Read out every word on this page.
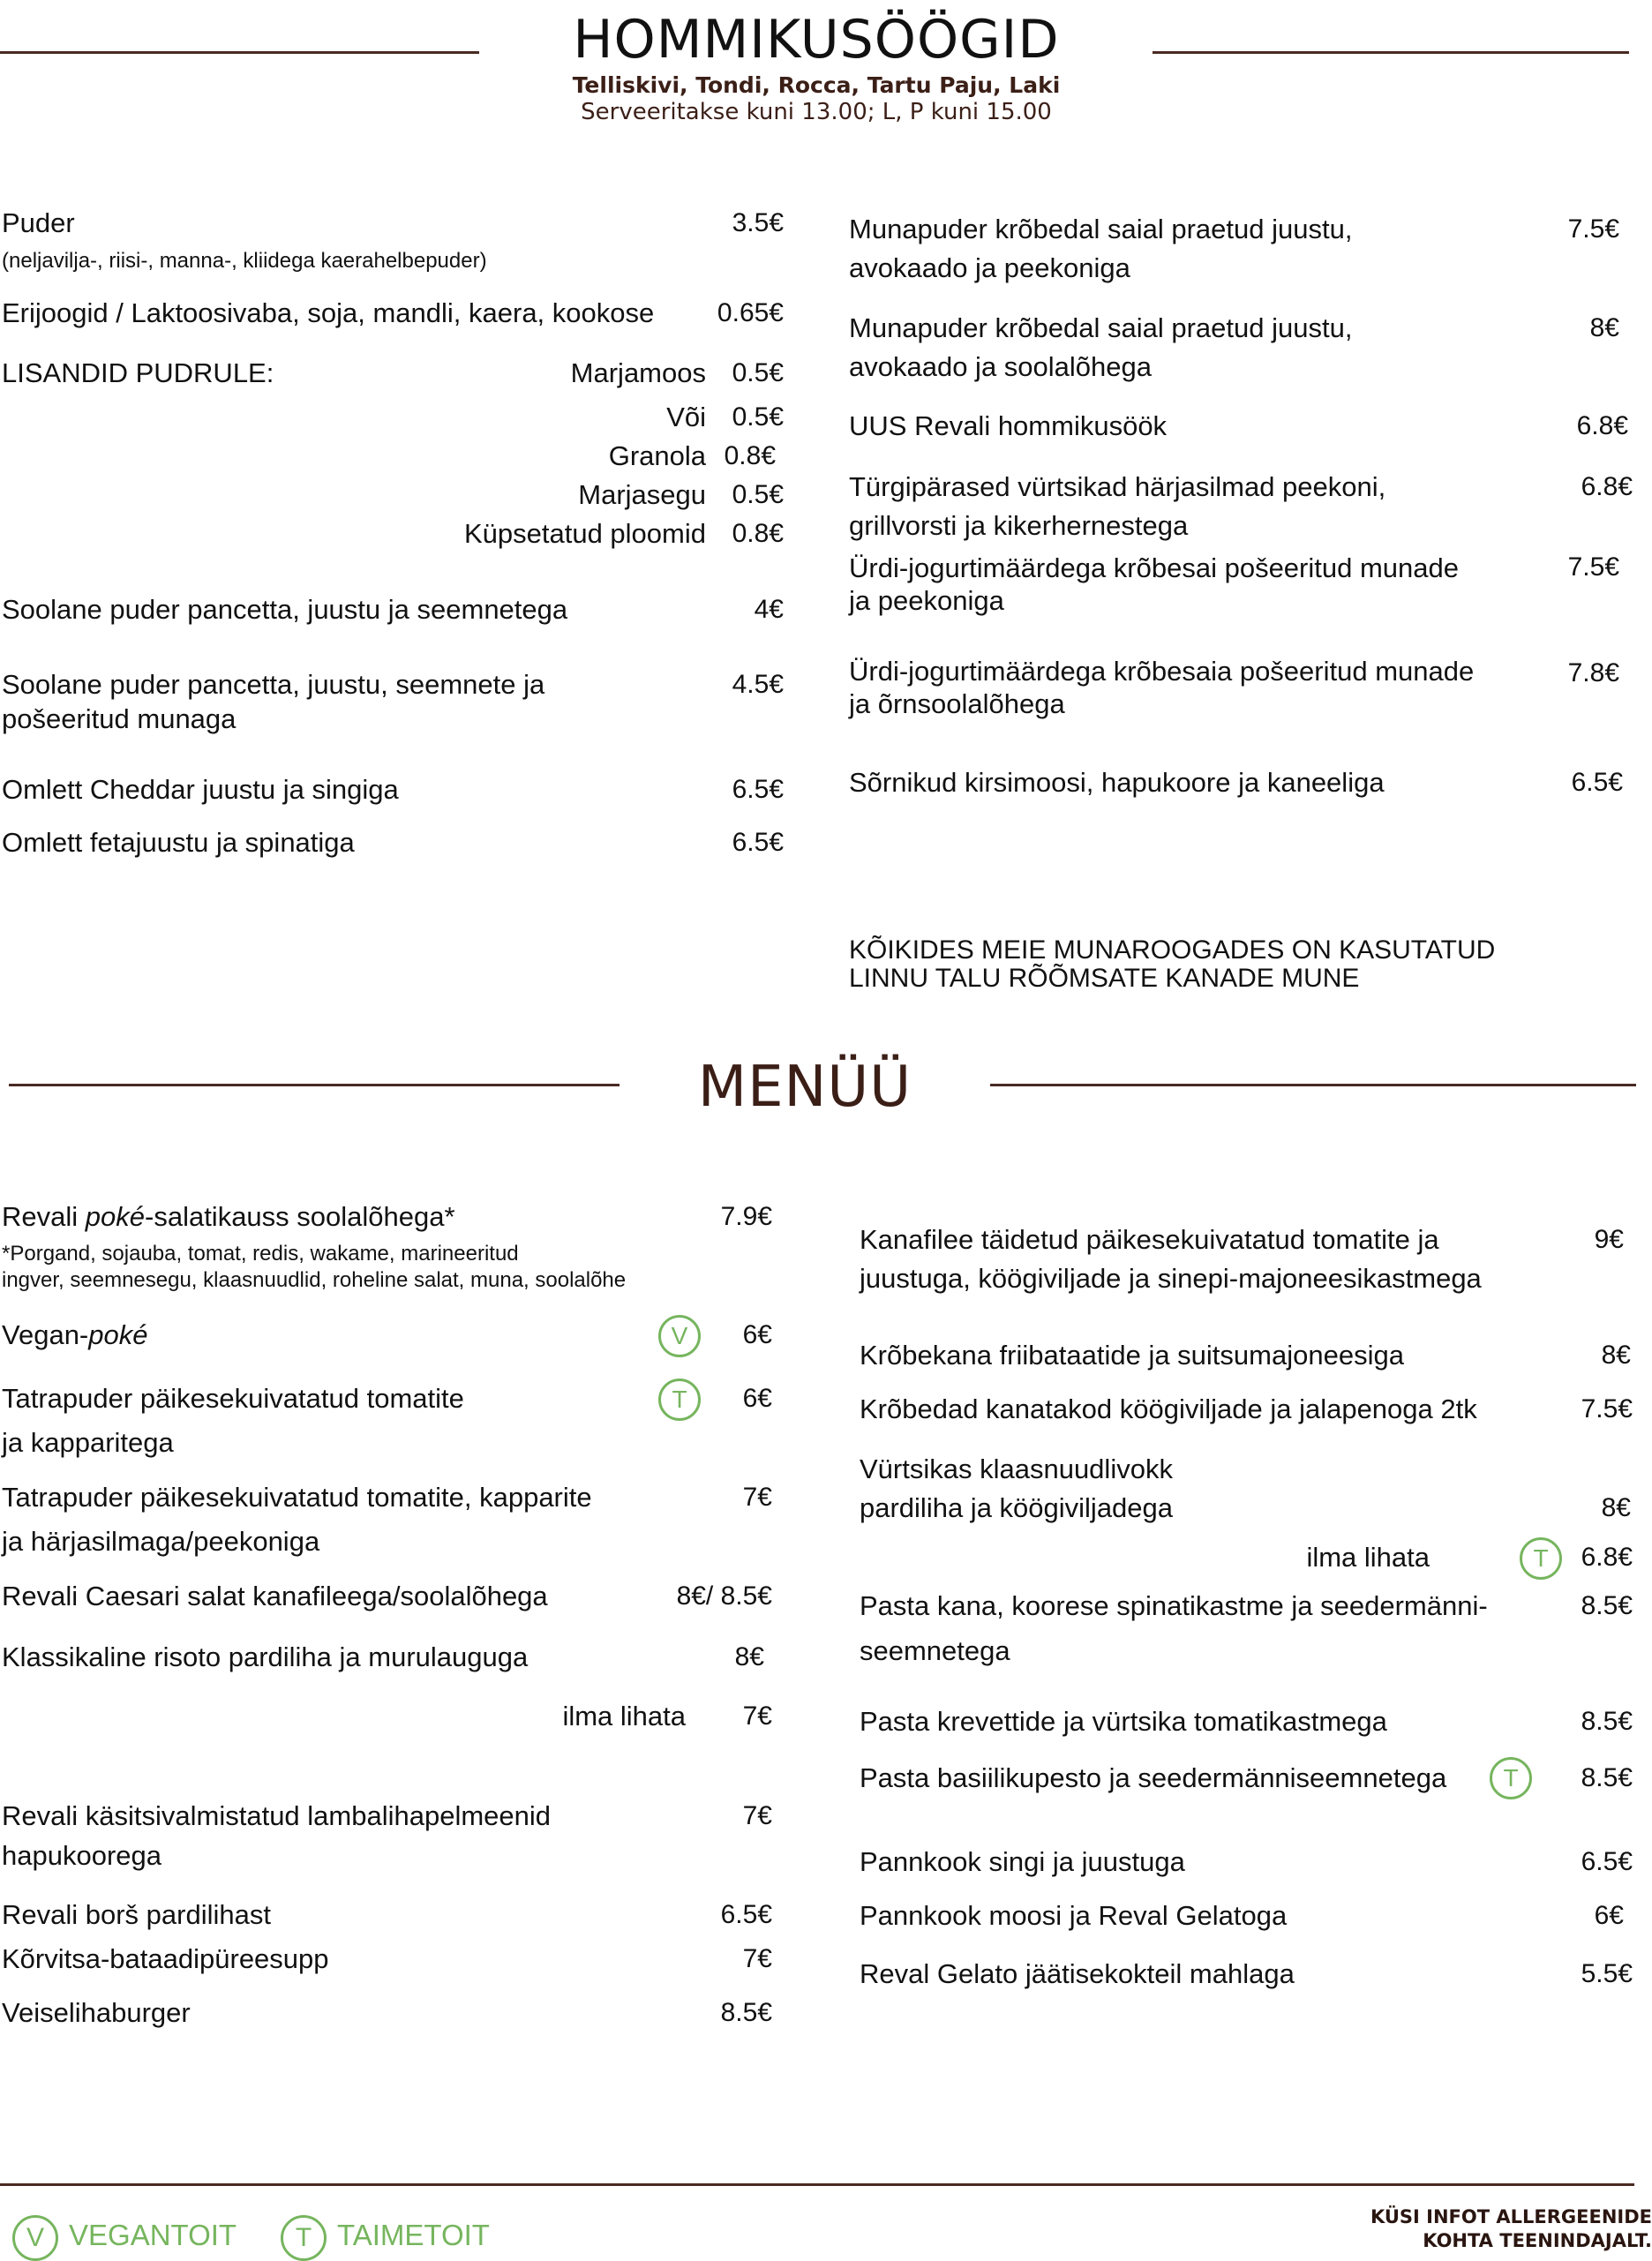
HOMMIKUSÖÖGID
Telliskivi, Tondi, Rocca, Tartu Paju, Laki
Serveeritakse kuni 13.00; L, P kuni 15.00
Puder	3.5€
(neljavilja-, riisi-, manna-, kliidega kaerahelbepuder)
Erijoogid / Laktoosivaba, soja, mandli, kaera, kookose 0.65€
LISANDID PUDRULE:	Marjamoos 0.5€
Või 0.5€
Granola 0.8€
Marjasegu 0.5€
Küpsetatud ploomid 0.8€
Soolane puder pancetta, juustu ja seemnetega	4€
Soolane puder pancetta, juustu, seemnete ja
pošeeritud munaga
4.5€
Omlett Cheddar juustu ja singiga	6.5€
Omlett fetajuustu ja spinatiga	6.5€
Munapuder krõbedal saial praetud juustu,
avokaado ja peekoniga
7.5€
Munapuder krõbedal saial praetud juustu,
avokaado ja soolalõhega
8€
UUS Revali hommikusöök	6.8€
Türgipärased vürtsikad härjasilmad peekoni,
grillvorsti ja kikerhernestega
6.8€
Ürdi-jogurtimäärdega krõbesai pošeeritud munade
ja peekoniga
7.5€
Ürdi-jogurtimäärdega krõbesaia pošeeritud munade
ja õrnsoolalõhega
7.8€
Sõrnikud kirsimoosi, hapukoore ja kaneeliga	6.5€
KÕIKIDES MEIE MUNAROOGADES ON KASUTATUD
LINNU TALU RÕÕMSATE KANADE MUNE
MENÜÜ
Revali poké-salatikauss soolalõhega*	7.9€
*Porgand, sojauba, tomat, redis, wakame, marineeritud
ingver, seemnesegu, klaasnuudlid, roheline salat, muna, soolalõhe
Vegan-poké	V	6€
Tatrapuder päikesekuivatatud tomatite
ja kapparitega
T	6€
Tatrapuder päikesekuivatatud tomatite, kapparite
ja härjasilmaga/peekoniga
7€
Revali Caesari salat kanafileega/soolalõhega	8€/ 8.5€
Klassikaline risoto pardiliha ja murulauguga	8€
ilma lihata 7€
Revali käsitsivalmistatud lambalihapelmeenid
hapukoorega
7€
Revali borš pardilihast	6.5€
Kõrvitsa-bataadipüreesupp	7€
Veiselihaburger	8.5€
Kanafilee täidetud päikesekuivatatud tomatite ja
juustuga, köögiviljade ja sinepi-majoneesikastmega
9€
Krõbekana friibataatide ja suitsumajoneesiga	8€
Krõbedad kanatakod köögiviljade ja jalapenoga 2tk	7.5€
Vürtsikas klaasnuudlivokk
pardiliha ja köögiviljadega	8€
ilma lihata	T	6.8€
Pasta kana, koorese spinatikastme ja seedermänni-
seemnetega
8.5€
Pasta krevettide ja vürtsika tomatikastmega	8.5€
Pasta basiilikupesto ja seedermänniseemnetega	T	8.5€
Pannkook singi ja juustuga	6.5€
Pannkook moosi ja Reval Gelatoga	6€
Reval Gelato jäätisekokteil mahlaga	5.5€
V VEGANTOIT	T TAIMETOIT
KÜSI INFOT ALLERGEENIDE
KOHTA TEENINDAJALT.
